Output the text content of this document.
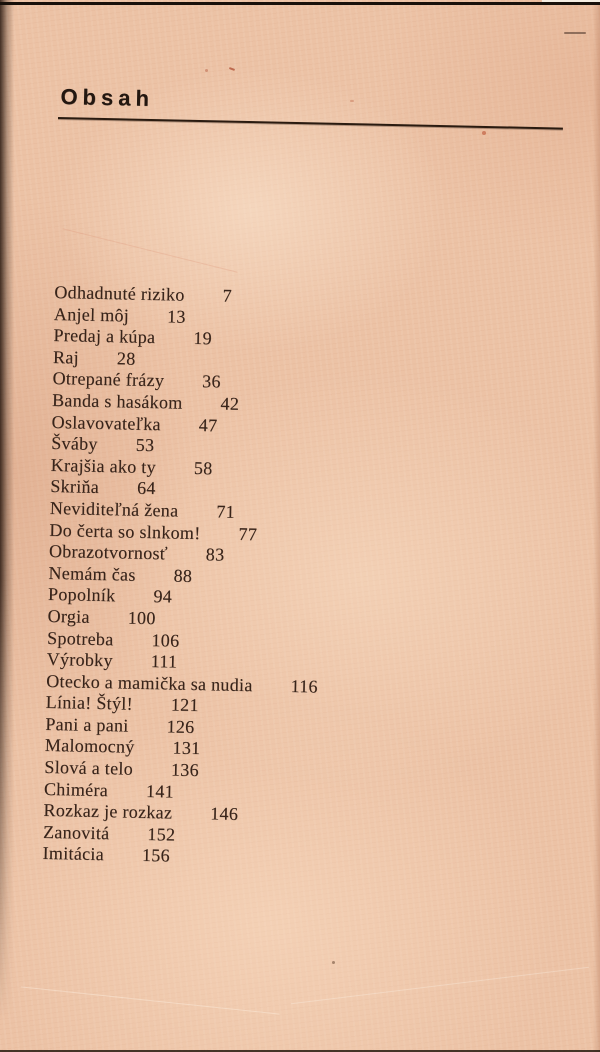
Obsah
Odhadnuté riziko 7
Anjel môj 13
Predaj a kúpa 19
Raj 28
Otrepané frázy 36
Banda s hasákom 42
Oslavovateľka 47
Šváby 53
Krajšia ako ty 58
Skriňa 64
Neviditeľná žena 71
Do čerta so slnkom! 77
Obrazotvornosť 83
Nemám čas 88
Popolník 94
Orgia 100
Spotreba 106
Výrobky 111
Otecko a mamička sa nudia 116
Línia! Štýl! 121
Pani a pani 126
Malomocný 131
Slová a telo 136
Chiméra 141
Rozkaz je rozkaz 146
Zanovitá 152
Imitácia 156
